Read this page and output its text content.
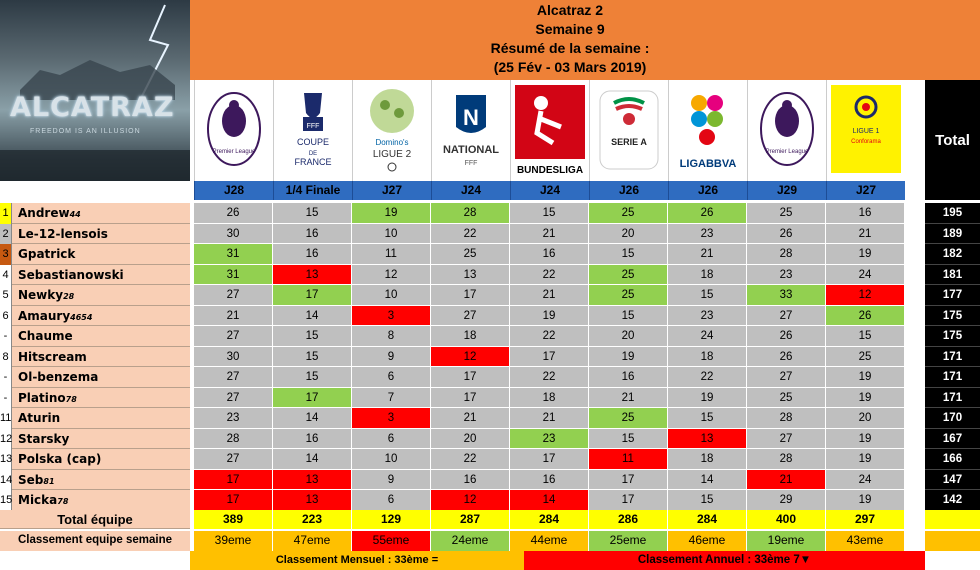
ALCATRAZ
FREEDOM IS AN ILLUSION
Alcatraz 2
Semaine 9
Résumé de la semaine :
(25 Fév - 03 Mars 2019)
Total
Classement Mensuel : 33ème =	Classement Annuel : 33ème 7▼
Premier League
J28
FFF
COUPE
DE
FRANCE
1/4 Finale
Domino's
LIGUE 2
J27
N
NATIONAL
FFF
J24
BUNDESLIGA
J24
SERIE A
J26
LIGABBVA
J26
Premier League
J29
LIGUE 1
Conforama
J27
1 Andrew44	26	15	19	28	15	25	26	25	16	195
2 Le-12-lensois	30	16	10	22	21	20	23	26	21	189
3 Gpatrick	31	16	11	25	16	15	21	28	19	182
4 Sebastianowski	31	13	12	13	22	25	18	23	24	181
5 Newky28	27	17	10	17	21	25	15	33	12	177
6 Amaury4654	21	14	3	27	19	15	23	27	26	175
- Chaume	27	15	8	18	22	20	24	26	15	175
8 Hitscream	30	15	9	12	17	19	18	26	25	171
- Ol-benzema	27	15	6	17	22	16	22	27	19	171
- Platino78	27	17	7	17	18	21	19	25	19	171
11 Aturin	23	14	3	21	21	25	15	28	20	170
12 Starsky	28	16	6	20	23	15	13	27	19	167
13 Polska (cap)	27	14	10	22	17	11	18	28	19	166
14 Seb81	17	13	9	16	16	17	14	21	24	147
15 Micka78	17	13	6	12	14	17	15	29	19	142
Total équipe	389	223	129	287	284	286	284	400	297
Classement equipe semaine	39eme	47eme	55eme	24eme	44eme	25eme	46eme	19eme	43eme
